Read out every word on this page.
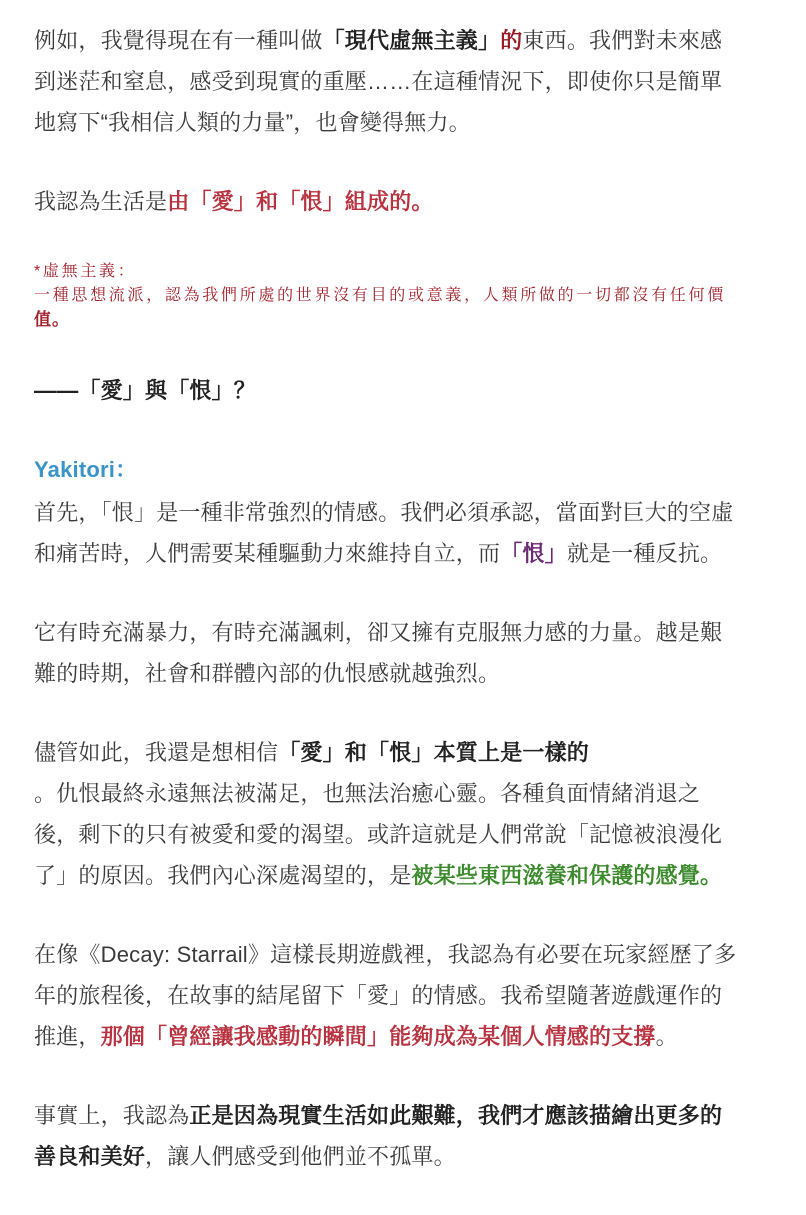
例如，我覺得現在有一種叫做「現代虛無主義」的東西。我們對未來感
到迷茫和窒息，感受到現實的重壓……在這種情況下，即使你只是簡單
地寫下“我相信人類的力量”，也會變得無力。
我認為生活是由「愛」和「恨」組成的。
*虛無主義：
一種思想流派，認為我們所處的世界沒有目的或意義，人類所做的一切都沒有任何價
值。
——「愛」與「恨」？
Yakitori：
首先，「恨」是一種非常強烈的情感。我們必須承認，當面對巨大的空虛
和痛苦時，人們需要某種驅動力來維持自立，而「恨」就是一種反抗。
它有時充滿暴力，有時充滿諷刺，卻又擁有克服無力感的力量。越是艱
難的時期，社會和群體內部的仇恨感就越強烈。
儘管如此，我還是想相信「愛」和「恨」本質上是一樣的
。仇恨最終永遠無法被滿足，也無法治癒心靈。各種負面情緒消退之
後，剩下的只有被愛和愛的渴望。或許這就是人們常說「記憶被浪漫化
了」的原因。我們內心深處渴望的，是被某些東西滋養和保護的感覺。
在像《Decay: Starrail》這樣長期遊戲裡，我認為有必要在玩家經歷了多
年的旅程後，在故事的結尾留下「愛」的情感。我希望隨著遊戲運作的
推進，那個「曾經讓我感動的瞬間」能夠成為某個人情感的支撐。
事實上，我認為正是因為現實生活如此艱難，我們才應該描繪出更多的
善良和美好，讓人們感受到他們並不孤單。
